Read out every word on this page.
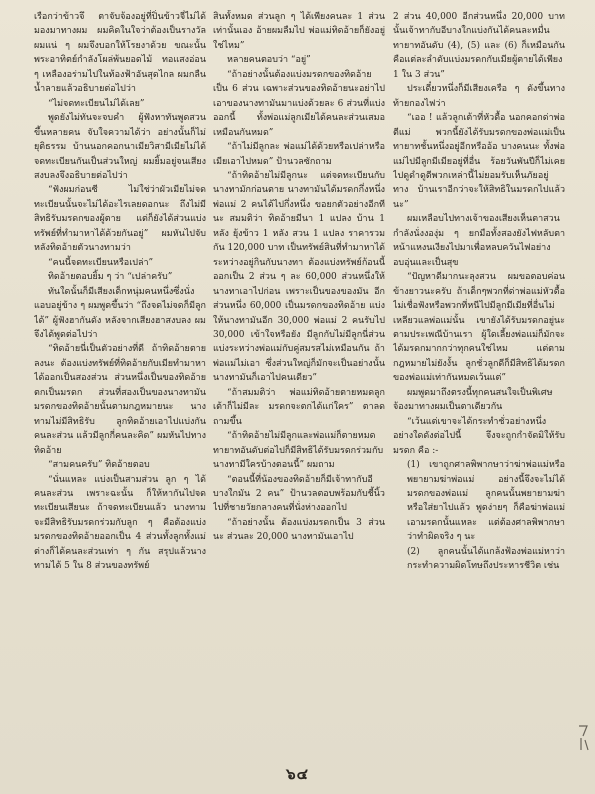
เรือกว่าข้าวจึ ตาจับจ้องอยู่ที่ปิ่นข้าวจี่ไม่ได้มองมาทางผม ผมคิดในใจว่าต้องเป็นรางวัลผมแน่ ๆ ผมจึงบอกให้โรยงาด้วย ขณะนั้นพระอาทิตย์กำลังโผล่พ้นยอดไม้ ทอแสงอ่อน ๆ เหลืองอร่ามไปในท้องฟ้าอันสุดไกล ผมกลืนน้ำลายแล้วอธิบายต่อไปว่า

“ไม่จดทะเบียนไม่ได้เลย”

พูดยังไม่ทันจะจบคำ ผู้ฟังหาทันพูดสวนขึ้นหลายคน จับใจความได้ว่า อย่างนั้นก็ไม่ยุติธรรม บ้านนอกคอกนาเมียวิสามีเมียไม่ได้จดทะเบียนกันเป็นส่วนใหญ่ ผมยิ้มอยู่จนเสียงสงบลงจึงอธิบายต่อไปว่า

“ฟังผมก่อนซี ไม่ใช่ว่าผัวเมียไม่จดทะเบียนนั้นจะไม่ได้อะไรเลยดอกนะ ถึงไม่มีสิทธิรับมรดกของผู้ตาย แต่ก็ยังได้ส่วนแบ่งทรัพย์ที่ทำมาหาได้ด้วยกันอยู่” ผมหันไปจับหลังทิดอ้ายตัวนางทามว่า

“คนนี้จดทะเบียนหรือเปล่า”

ทิดอ้ายตอบยิ้ม ๆ ว่า “เปล่าครับ”

ทันใดนั้นก็มีเสียงเด็กหนุ่มคนหนึ่งซึ่งนั่งแอบอยู่ข้าง ๆ ผมพูดขึ้นว่า “ถึงจดไม่จดก็มีลูกได้” ผู้ฟังฮากันดัง หลังจากเสียงฮาสงบลง ผมจึงได้พูดต่อไปว่า

“ทิดอ้ายนี่เป็นตัวอย่างที่ดี ถ้าทิดอ้ายตายลงนะ ต้องแบ่งทรัพย์ที่ทิดอ้ายกับเมียทำมาหาได้ออกเป็นสองส่วน ส่วนหนึ่งเป็นของทิดอ้าย ตกเป็นมรดก ส่วนที่สองเป็นของนางทามัน มรดกของทิดอ้ายนั้นตามกฎหมายนะ นางทามไม่มีสิทธิรับ ลูกทิดอ้ายเอาไปแบ่งกันคนละส่วน แล้วมีลูกกี่คนละคิด” ผมหันไปทางทิดอ้าย

“สามคนครับ” ทิดอ้ายตอบ

“นั่นแหละ แบ่งเป็นสามส่วน ลูก ๆ ได้คนละส่วน เพราะฉะนั้น ก็ให้หากันไปจดทะเบียนเสียนะ ถ้าจดทะเบียนแล้ว นางทามจะมีสิทธิรับมรดกร่วมกับลูก ๆ คือต้องแบ่งมรดกของทิดอ้ายออกเป็น 4 ส่วนทั้งลูกทั้งแม่ต่างก็ได้คนละส่วนเท่า ๆ กัน สรุปแล้วนางทามได้ 5 ใน 8 ส่วนของทรัพย์

สินทั้งหมด ส่วนลูก ๆ ได้เพียงคนละ 1 ส่วนเท่านั้นเอง อ้ายผมลืมไป พ่อแม่ทิดอ้ายก็ยังอยู่ใช่ไหม”

หลายคนตอบว่า “อยู่”

“ถ้าอย่างนั้นต้องแบ่งมรดกของทิดอ้ายเป็น 6 ส่วน เฉพาะส่วนของทิดอ้ายนะอย่าไปเอาของนางทามันมาแบ่งด้วยละ 6 ส่วนที่แบ่งออกนี้ ทั้งพ่อแม่ลูกเมียได้คนละส่วนเสมอเหมือนกันหมด”

“ถ้าไม่มีลูกละ พ่อแม่ได้ด้วยหรือเปล่าหรือเมียเอาไปหมด” ป้านวลซักถาม

“ถ้าทิดอ้ายไม่มีลูกนะ แต่จดทะเบียนกับนางทามักก่อนตาย นางทามันได้มรดกกึ่งหนึ่ง พ่อแม่ 2 คนได้ไปกึ่งหนึ่ง ขอยกตัวอย่างอีกทีนะ สมมติว่า ทิดอ้ายมีนา 1 แปลง บ้าน 1 หลัง ยุ้งข้าว 1 หลัง สวน 1 แปลง ราคารวมกัน 120,000 บาท เป็นทรัพย์สินที่ทำมาหาได้ระหว่างอยู่กินกับนางทา ต้องแบ่งทรัพย์ก้อนนี้ออกเป็น 2 ส่วน ๆ ละ 60,000 ส่วนหนึ่งให้นางทาเอาไปก่อน เพราะเป็นของของมัน อีกส่วนหนึ่ง 60,000 เป็นมรดกของทิดอ้าย แบ่งให้นางทามันอีก 30,000 พ่อแม่ 2 คนรับไป 30,000 เข้าใจหรือยัง มีลูกกับไม่มีลูกนี่ส่วนแบ่งระหว่างพ่อแม่กับคู่สมรสไม่เหมือนกัน ถ้าพ่อแม่ไม่เอา ซึ่งส่วนใหญ่ก็มักจะเป็นอย่างนั้น นางทามันก็เอาไปคนเดียว”

“ถ้าสมมติว่า พ่อแม่ทิดอ้ายตายหมดลูกเต้าก็ไม่มีละ มรดกจะตกได้แก่ใคร” ตาลดถามขึ้น

“ถ้าทิดอ้ายไม่มีลูกและพ่อแม่ก็ตายหมด ทายาทอันดับต่อไปก็มีสิทธิได้รับมรดกร่วมกับนางทามีใครบ้างตอนนี้” ผมถาม

“ตอนนี้ที่น้องของทิดอ้ายก็มีเจ้าทากับอีบางใกมัน 2 คน” ป้านวลตอบพร้อมกับชี้นิ้วไปที่ชายวัยกลางคนที่นั่งห่างออกไป

“ถ้าอย่างนั้น ต้องแบ่งมรดกเป็น 3 ส่วนนะ ส่วนละ 20,000 นางทามันเอาไป

2 ส่วน 40,000 อีกส่วนหนึ่ง 20,000 บาท นั้นเจ้าทากับอีบางใกแบ่งกันได้คนละหมื่น ทายาทอันดับ (4), (5) และ (6) ก็เหมือนกัน คือแต่ละลำดับแบ่งมรดกกับเมียผู้ตายได้เพียง 1 ใน 3 ส่วน”

ประเดี๋ยวหนึ่งก็มีเสียงเครือ ๆ ดังขึ้นทางท้ายกองไฟว่า

“เออ ! แล้วลูกเต้าที่หัวดื้อ นอกคอกด่าพ่อตีแม่ พวกนี้ยังได้รับมรดกของพ่อแม่เป็นทายาทชั้นหนึ่งอยู่อีกหรืออ้อ บางคนนะ ทั้งพ่อแม่ไปมีลูกมีเมียอยู่ที่อื่น ร้อยวันพันปีก็ไม่เคยไปดูดำดูดีพวกเหล่านี้ไม่ยอมรับเห็นภัยอยู่ ทาง บ้านเราอีกว่าจะให้สิทธิในมรดกไปแล้วนะ”

ผมเหลือบไปทางเจ้าของเสียงเห็นตาสวนกำลังนั่งงองุ่ม ๆ ยกมือทั้งสองยังไฟหลับตาหน้าแหงนเงียงไปมาเพื่อหลบควันไฟอย่างอบอุ่นและเป็นสุข

“ปัญหาดีมากนะลุงสวน ผมขอตอบค่อนข้างยาวนะครับ ถ้าเด็กๆพวกที่ด่าพ่อแม่หัวดื้อ ไม่เชื่อฟังหรือพวกที่หนีไปมีลูกมีเมียที่อื่นไม่เหลียวแลพ่อแม่นั้น เขายังได้รับมรดกอยู่นะ ตามประเพณีบ้านเรา ผู้ใดเลี้ยงพ่อแม่ก็มักจะได้มรดกมากกว่าทุกคนใช่ไหม แต่ตามกฎหมายไม่ยังงั้น ลูกชั่วลูกดีก็มีสิทธิได้มรดกของพ่อแม่เท่ากันหมดเว้นแต่”

ผมพูดมาถึงตรงนี้ทุกคนสนใจเป็นพิเศษ จ้องมาทางผมเป็นตาเดียวกัน

“เว้นแต่เขาจะได้กระทำชั่วอย่างหนึ่งอย่างใดดังต่อไปนี้ จึงจะถูกกำจัดมิให้รับมรดก คือ :-

(1) เขาถูกศาลพิพากษาว่าฆ่าพ่อแม่หรือ พยายามฆ่าพ่อแม่ อย่างนี้จึงจะไม่ได้มรดกของพ่อแม่ ลูกคนนั้นพยายามฆ่าหรือใส่ยาไปแล้ว พูดง่ายๆ ก็คือฆ่าพ่อแม่เอามรดกนั้นแหละ แต่ต้องศาลพิพากษาว่าทำผิดจริง ๆ นะ

(2) ลูกคนนั้นได้แกล้งฟ้องพ่อแม่หาว่ากระทำความผิดโทษถึงประหารชีวิต เช่น

๖๔
